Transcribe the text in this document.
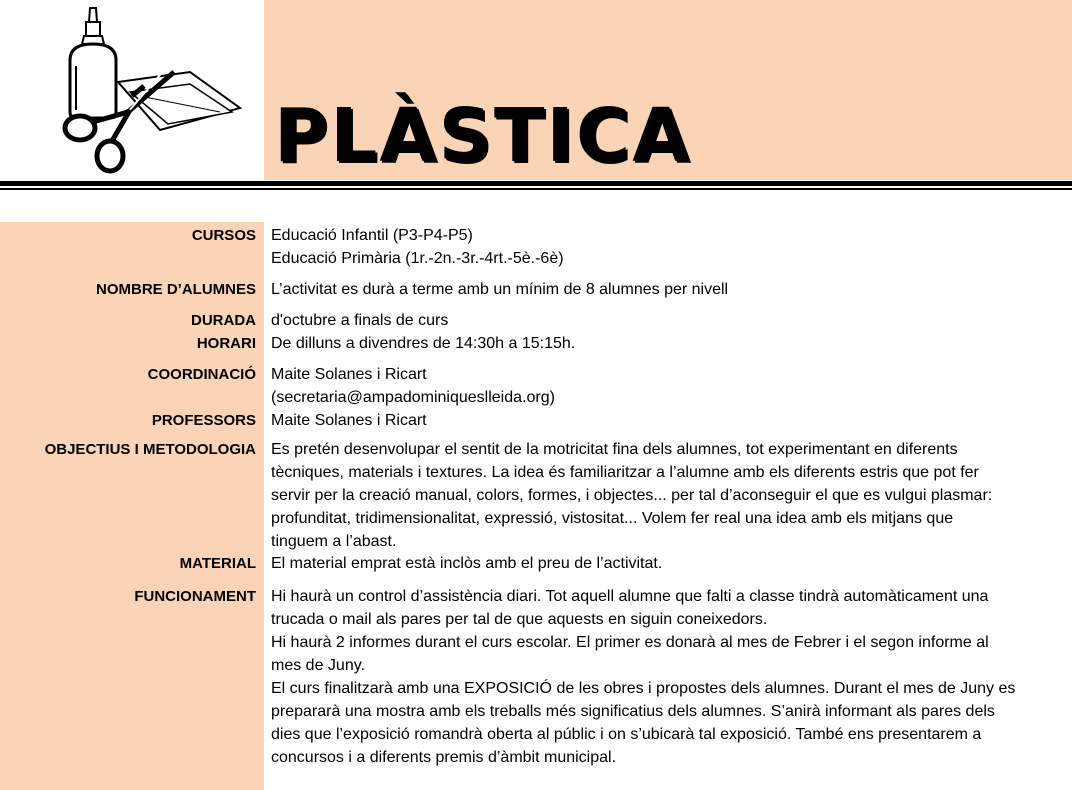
PLÀSTICA
CURSOS Educació Infantil (P3-P4-P5)
Educació Primària (1r.-2n.-3r.-4rt.-5è.-6è)
NOMBRE D’ALUMNES L’activitat es durà a terme amb un mínim de 8 alumnes per nivell
DURADA d'octubre a finals de curs
HORARI De dilluns a divendres de 14:30h a 15:15h.
COORDINACIÓ Maite Solanes i Ricart
(secretaria@ampadominiqueslleida.org)
PROFESSORS Maite Solanes i Ricart
OBJECTIUS I METODOLOGIA Es pretén desenvolupar el sentit de la motricitat fina dels alumnes, tot experimentant en diferents
tècniques, materials i textures. La idea és familiaritzar a l’alumne amb els diferents estris que pot fer
servir per la creació manual, colors, formes, i objectes... per tal d’aconseguir el que es vulgui plasmar:
profunditat, tridimensionalitat, expressió, vistositat... Volem fer real una idea amb els mitjans que
tinguem a l’abast.
MATERIAL El material emprat està inclòs amb el preu de l’activitat.
FUNCIONAMENT Hi haurà un control d’assistència diari. Tot aquell alumne que falti a classe tindrà automàticament una
trucada o mail als pares per tal de que aquests en siguin coneixedors.
Hi haurà 2 informes durant el curs escolar. El primer es donarà al mes de Febrer i el segon informe al
mes de Juny.
El curs finalitzarà amb una EXPOSICIÓ de les obres i propostes dels alumnes. Durant el mes de Juny es
prepararà una mostra amb els treballs més significatius dels alumnes. S’anirà informant als pares dels
dies que l’exposició romandrà oberta al públic i on s’ubicarà tal exposició. També ens presentarem a
concursos i a diferents premis d’àmbit municipal.
